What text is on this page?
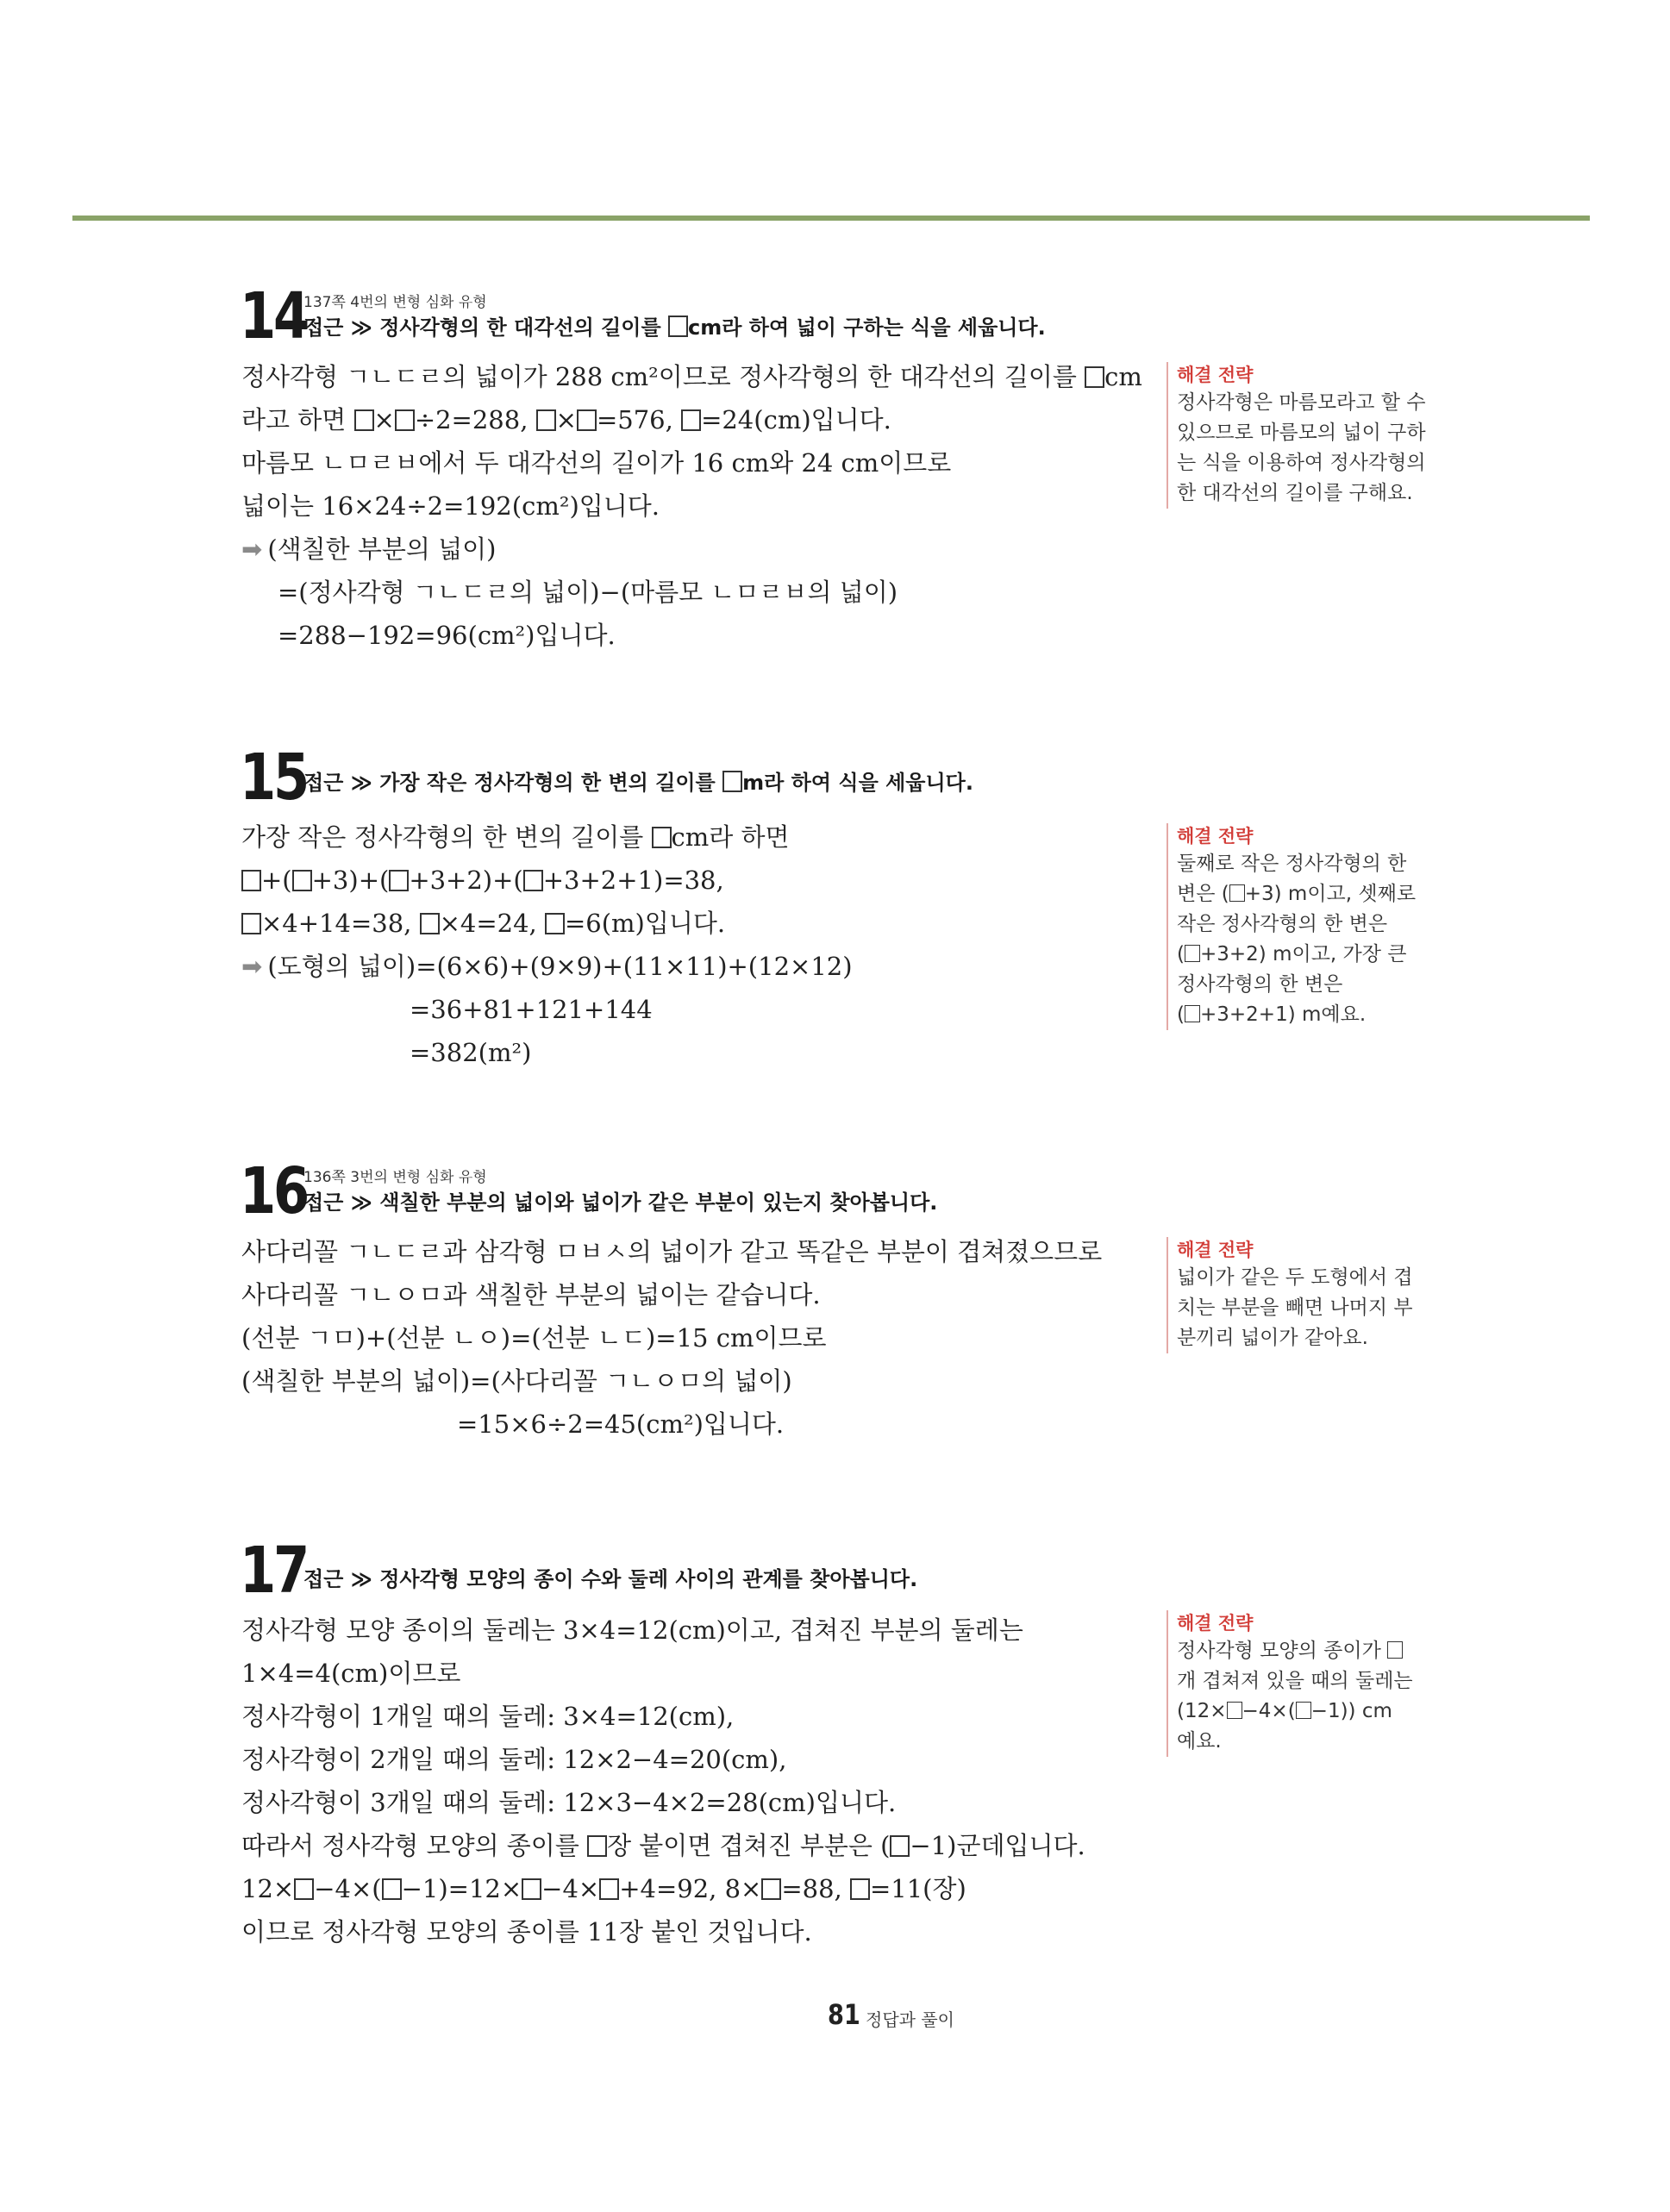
14
137쪽 4번의 변형 심화 유형
접근 ≫ 정사각형의 한 대각선의 길이를 cm라 하여 넓이 구하는 식을 세웁니다.
정사각형 ㄱㄴㄷㄹ의 넓이가 288 cm²이므로 정사각형의 한 대각선의 길이를 cm
라고 하면 × ÷2=288, × =576, =24(cm)입니다.
마름모 ㄴㅁㄹㅂ에서 두 대각선의 길이가 16 cm와 24 cm이므로
넓이는 16×24÷2=192(cm²)입니다.
➡ (색칠한 부분의 넓이)
=(정사각형 ㄱㄴㄷㄹ의 넓이)−(마름모 ㄴㅁㄹㅂ의 넓이)
=288−192=96(cm²)입니다.
해결 전략
정사각형은 마름모라고 할 수
있으므로 마름모의 넓이 구하
는 식을 이용하여 정사각형의
한 대각선의 길이를 구해요.
15
접근 ≫ 가장 작은 정사각형의 한 변의 길이를 m라 하여 식을 세웁니다.
가장 작은 정사각형의 한 변의 길이를 cm라 하면
+( +3)+( +3+2)+( +3+2+1)=38,
×4+14=38, ×4=24, =6(m)입니다.
➡ (도형의 넓이)=(6×6)+(9×9)+(11×11)+(12×12)
=36+81+121+144
=382(m²)
해결 전략
둘째로 작은 정사각형의 한
변은 ( +3) m이고, 셋째로
작은 정사각형의 한 변은
( +3+2) m이고, 가장 큰
정사각형의 한 변은
( +3+2+1) m예요.
16
136쪽 3번의 변형 심화 유형
접근 ≫ 색칠한 부분의 넓이와 넓이가 같은 부분이 있는지 찾아봅니다.
사다리꼴 ㄱㄴㄷㄹ과 삼각형 ㅁㅂㅅ의 넓이가 같고 똑같은 부분이 겹쳐졌으므로
사다리꼴 ㄱㄴㅇㅁ과 색칠한 부분의 넓이는 같습니다.
(선분 ㄱㅁ)+(선분 ㄴㅇ)=(선분 ㄴㄷ)=15 cm이므로
(색칠한 부분의 넓이)=(사다리꼴 ㄱㄴㅇㅁ의 넓이)
=15×6÷2=45(cm²)입니다.
해결 전략
넓이가 같은 두 도형에서 겹
치는 부분을 빼면 나머지 부
분끼리 넓이가 같아요.
17
접근 ≫ 정사각형 모양의 종이 수와 둘레 사이의 관계를 찾아봅니다.
정사각형 모양 종이의 둘레는 3×4=12(cm)이고, 겹쳐진 부분의 둘레는
1×4=4(cm)이므로
정사각형이 1개일 때의 둘레: 3×4=12(cm),
정사각형이 2개일 때의 둘레: 12×2−4=20(cm),
정사각형이 3개일 때의 둘레: 12×3−4×2=28(cm)입니다.
따라서 정사각형 모양의 종이를 장 붙이면 겹쳐진 부분은 ( −1)군데입니다.
12× −4×( −1)=12× −4× +4=92, 8× =88, =11(장)
이므로 정사각형 모양의 종이를 11장 붙인 것입니다.
해결 전략
정사각형 모양의 종이가
개 겹쳐져 있을 때의 둘레는
(12× −4×( −1)) cm
예요.
81 정답과 풀이
